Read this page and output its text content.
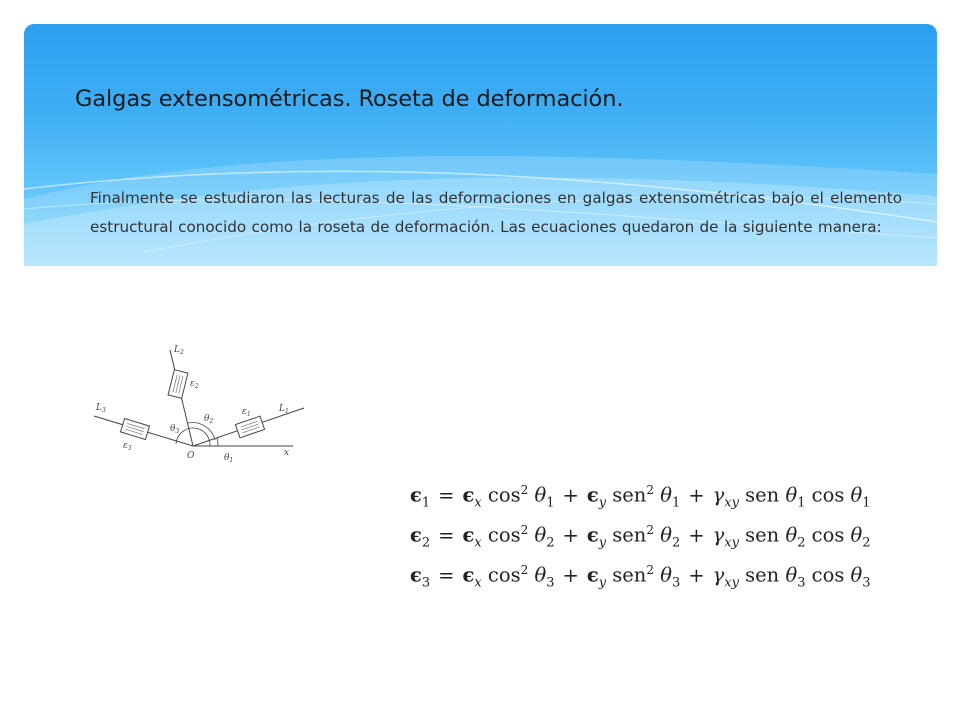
Galgas extensométricas. Roseta de deformación.

Finalmente se estudiaron las lecturas de las deformaciones en galgas extensométricas bajo el elemento estructural conocido como la roseta de deformación. Las ecuaciones quedaron de la siguiente manera:

$L_2$
$L_1$
$L_3$	$\varepsilon_1$
$\varepsilon_2$
$\varepsilon_3$
$\theta_1$
$\theta_2$
$\theta_3$
O	x
$\epsilon_1 = \epsilon_x$ $\cos^2 \theta_1 + \epsilon_y$ sen$^2$ $\theta_1 + \gamma_{xy}$ sen $\theta_1$ $\cos \theta_1$
$\epsilon_2 = \epsilon_x$ $\cos^2 \theta_2 + \epsilon_y$ sen$^2$ $\theta_2 + \gamma_{xy}$ sen $\theta_2$ $\cos \theta_2$
$\epsilon_3 = \epsilon_x$ $\cos^2 \theta_3 + \epsilon_y$ sen$^2$ $\theta_3 + \gamma_{xy}$ sen $\theta_3$ $\cos \theta_3$
